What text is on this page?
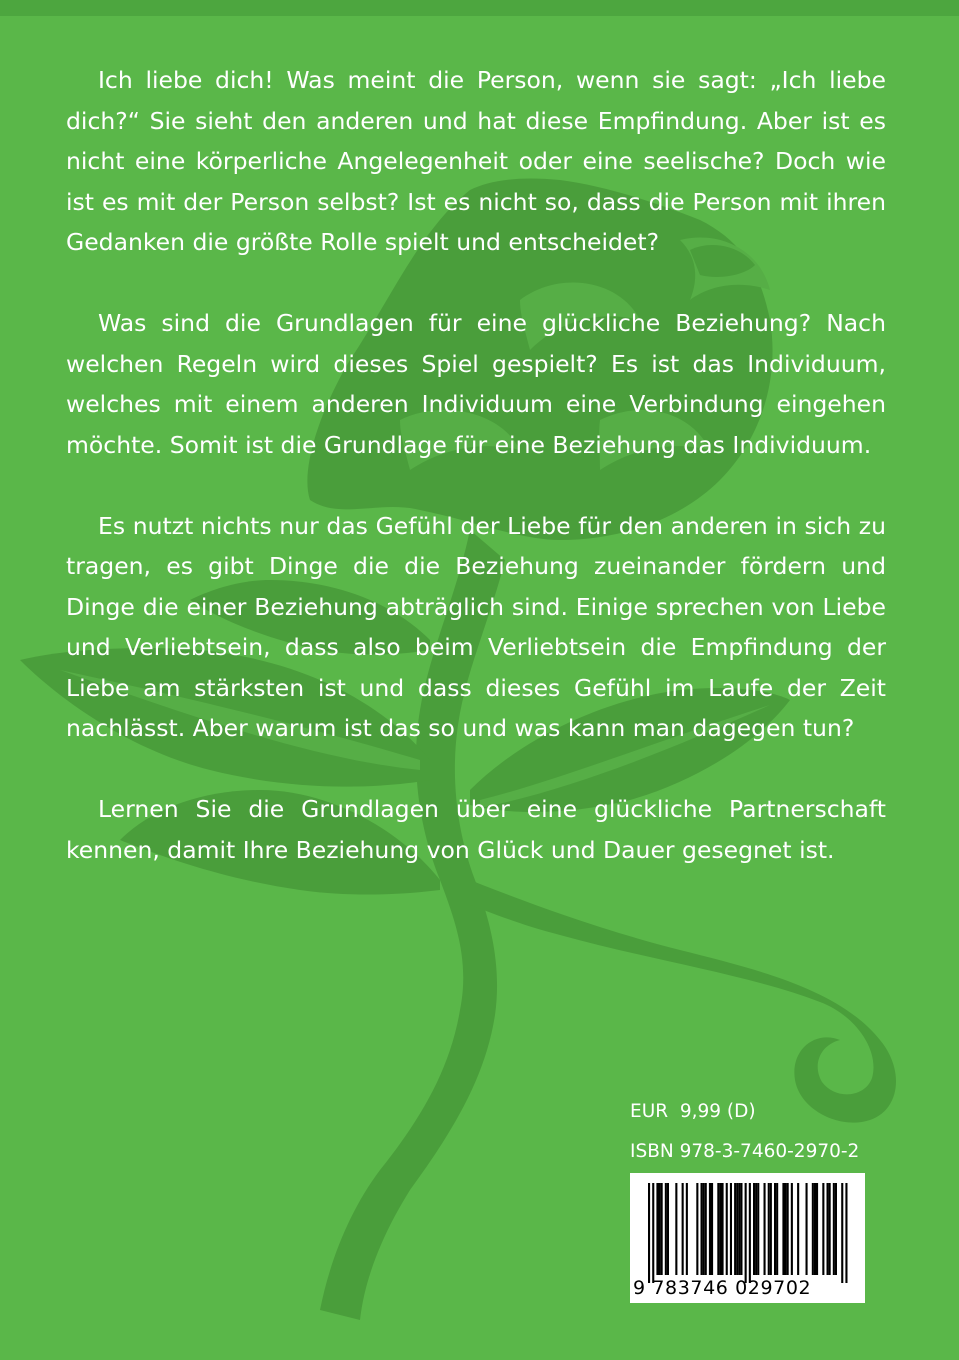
Ich liebe dich! Was meint die Person, wenn sie sagt: „Ich liebe dich?“ Sie sieht den anderen und hat diese Empfindung. Aber ist es nicht eine körperliche Angelegenheit oder eine seelische? Doch wie ist es mit der Person selbst? Ist es nicht so, dass die Person mit ihren Gedanken die größte Rolle spielt und entscheidet?

Was sind die Grundlagen für eine glückliche Beziehung? Nach welchen Regeln wird dieses Spiel gespielt? Es ist das Individuum, welches mit einem anderen Individuum eine Verbindung eingehen möchte. Somit ist die Grundlage für eine Beziehung das Individuum.

Es nutzt nichts nur das Gefühl der Liebe für den anderen in sich zu tragen, es gibt Dinge die die Beziehung zueinander fördern und Dinge die einer Beziehung abträglich sind. Einige sprechen von Liebe und Verliebtsein, dass also beim Verliebtsein die Empfindung der Liebe am stärksten ist und dass dieses Gefühl im Laufe der Zeit nachlässt. Aber warum ist das so und was kann man dagegen tun?

Lernen Sie die Grundlagen über eine glückliche Partnerschaft kennen, damit Ihre Beziehung von Glück und Dauer gesegnet ist.

EUR  9,99 (D)
ISBN 978-3-7460-2970-2
9 783746 029702
